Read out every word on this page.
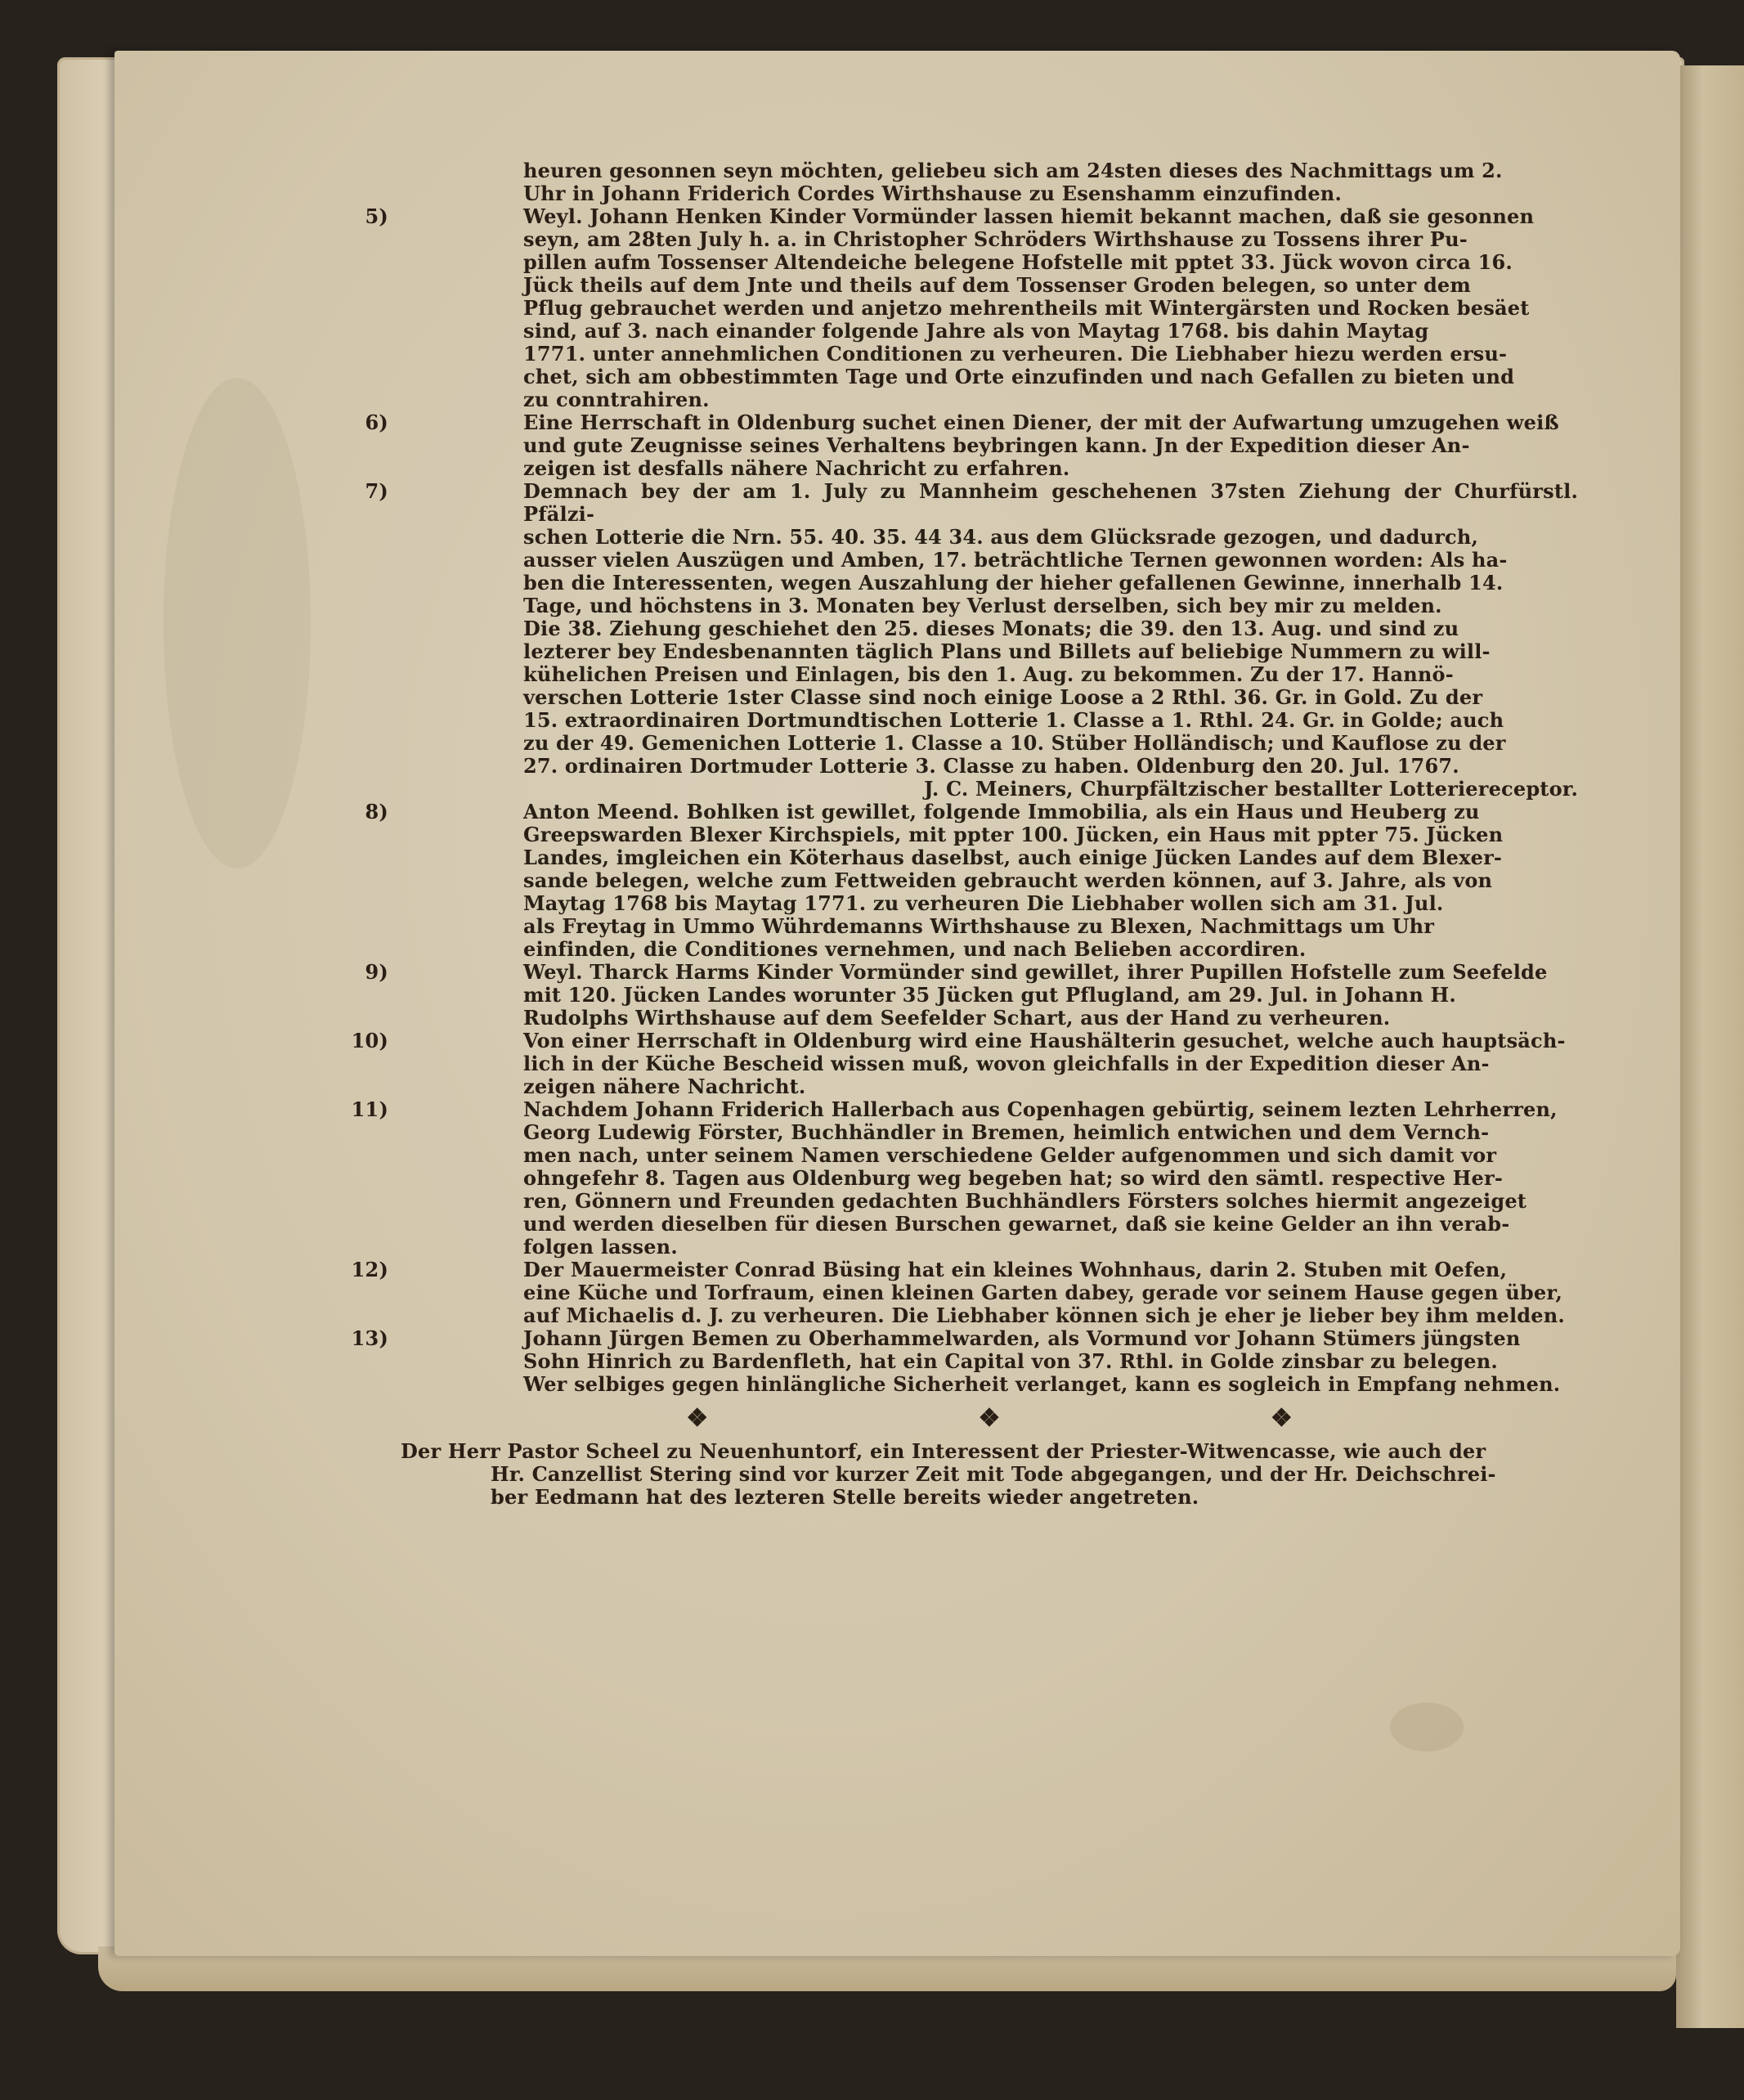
heuren gesonnen seyn möchten, geliebeu sich am 24sten dieses des Nachmittags um 2.
Uhr in Johann Friderich Cordes Wirthshause zu Esenshamm einzufinden.
5)	Weyl. Johann Henken Kinder Vormünder lassen hiemit bekannt machen, daß sie gesonnen
seyn, am 28ten July h. a. in Christopher Schröders Wirthshause zu Tossens ihrer Pu-
pillen aufm Tossenser Altendeiche belegene Hofstelle mit pptet 33. Jück wovon circa 16.
Jück theils auf dem Jnte und theils auf dem Tossenser Groden belegen, so unter dem
Pflug gebrauchet werden und anjetzo mehrentheils mit Wintergärsten und Rocken besäet
sind, auf 3. nach einander folgende Jahre als von Maytag 1768. bis dahin Maytag
1771. unter annehmlichen Conditionen zu verheuren. Die Liebhaber hiezu werden ersu-
chet, sich am obbestimmten Tage und Orte einzufinden und nach Gefallen zu bieten und
zu conntrahiren.
6)	Eine Herrschaft in Oldenburg suchet einen Diener, der mit der Aufwartung umzugehen weiß
und gute Zeugnisse seines Verhaltens beybringen kann. Jn der Expedition dieser An-
zeigen ist desfalls nähere Nachricht zu erfahren.
7)	Demnach bey der am 1. July zu Mannheim geschehenen 37sten Ziehung der Churfürstl. Pfälzi-
schen Lotterie die Nrn. 55. 40. 35. 44 34. aus dem Glücksrade gezogen, und dadurch,
ausser vielen Auszügen und Amben, 17. beträchtliche Ternen gewonnen worden: Als ha-
ben die Interessenten, wegen Auszahlung der hieher gefallenen Gewinne, innerhalb 14.
Tage, und höchstens in 3. Monaten bey Verlust derselben, sich bey mir zu melden.
Die 38. Ziehung geschiehet den 25. dieses Monats; die 39. den 13. Aug. und sind zu
lezterer bey Endesbenannten täglich Plans und Billets auf beliebige Nummern zu will-
kühelichen Preisen und Einlagen, bis den 1. Aug. zu bekommen. Zu der 17. Hannö-
verschen Lotterie 1ster Classe sind noch einige Loose a 2 Rthl. 36. Gr. in Gold. Zu der
15. extraordinairen Dortmundtischen Lotterie 1. Classe a 1. Rthl. 24. Gr. in Golde; auch
zu der 49. Gemenichen Lotterie 1. Classe a 10. Stüber Holländisch; und Kauflose zu der
27. ordinairen Dortmuder Lotterie 3. Classe zu haben. Oldenburg den 20. Jul. 1767.
J. C. Meiners, Churpfältzischer bestallter Lotteriereceptor.
8)	Anton Meend. Bohlken ist gewillet, folgende Immobilia, als ein Haus und Heuberg zu
Greepswarden Blexer Kirchspiels, mit ppter 100. Jücken, ein Haus mit ppter 75. Jücken
Landes, imgleichen ein Köterhaus daselbst, auch einige Jücken Landes auf dem Blexer-
sande belegen, welche zum Fettweiden gebraucht werden können, auf 3. Jahre, als von
Maytag 1768 bis Maytag 1771. zu verheuren Die Liebhaber wollen sich am 31. Jul.
als Freytag in Ummo Wührdemanns Wirthshause zu Blexen, Nachmittags um Uhr
einfinden, die Conditiones vernehmen, und nach Belieben accordiren.
9)	Weyl. Tharck Harms Kinder Vormünder sind gewillet, ihrer Pupillen Hofstelle zum Seefelde
mit 120. Jücken Landes worunter 35 Jücken gut Pflugland, am 29. Jul. in Johann H.
Rudolphs Wirthshause auf dem Seefelder Schart, aus der Hand zu verheuren.
10)	Von einer Herrschaft in Oldenburg wird eine Haushälterin gesuchet, welche auch hauptsäch-
lich in der Küche Bescheid wissen muß, wovon gleichfalls in der Expedition dieser An-
zeigen nähere Nachricht.
11)	Nachdem Johann Friderich Hallerbach aus Copenhagen gebürtig, seinem lezten Lehrherren,
Georg Ludewig Förster, Buchhändler in Bremen, heimlich entwichen und dem Vernch-
men nach, unter seinem Namen verschiedene Gelder aufgenommen und sich damit vor
ohngefehr 8. Tagen aus Oldenburg weg begeben hat; so wird den sämtl. respective Her-
ren, Gönnern und Freunden gedachten Buchhändlers Försters solches hiermit angezeiget
und werden dieselben für diesen Burschen gewarnet, daß sie keine Gelder an ihn verab-
folgen lassen.
12)	Der Mauermeister Conrad Büsing hat ein kleines Wohnhaus, darin 2. Stuben mit Oefen,
eine Küche und Torfraum, einen kleinen Garten dabey, gerade vor seinem Hause gegen über,
auf Michaelis d. J. zu verheuren. Die Liebhaber können sich je eher je lieber bey ihm melden.
13)	Johann Jürgen Bemen zu Oberhammelwarden, als Vormund vor Johann Stümers jüngsten
Sohn Hinrich zu Bardenfleth, hat ein Capital von 37. Rthl. in Golde zinsbar zu belegen.
Wer selbiges gegen hinlängliche Sicherheit verlanget, kann es sogleich in Empfang nehmen.
❖ ❖ ❖
Der Herr Pastor Scheel zu Neuenhuntorf, ein Interessent der Priester-Witwencasse, wie auch der
Hr. Canzellist Stering sind vor kurzer Zeit mit Tode abgegangen, und der Hr. Deichschrei-
ber Eedmann hat des lezteren Stelle bereits wieder angetreten.
